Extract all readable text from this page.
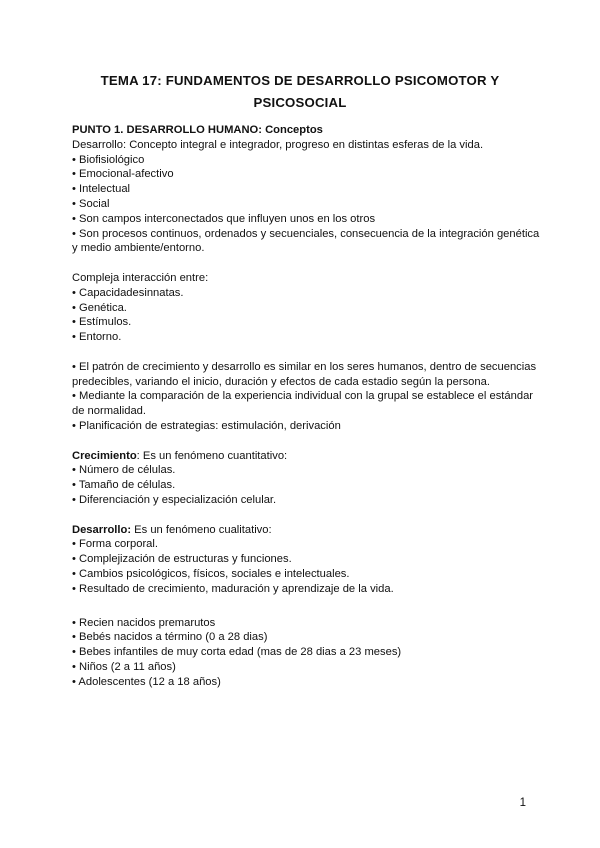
TEMA 17: FUNDAMENTOS DE DESARROLLO PSICOMOTOR Y PSICOSOCIAL

PUNTO 1. DESARROLLO HUMANO: Conceptos

Desarrollo: Concepto integral e integrador, progreso en distintas esferas de la vida.

• Biofisiológico

• Emocional-afectivo

• Intelectual

• Social

• Son campos interconectados que influyen unos en los otros

• Son procesos continuos, ordenados y secuenciales, consecuencia de la integración genética y medio ambiente/entorno.

Compleja interacción entre:

• Capacidadesinnatas.

• Genética.

• Estímulos.

• Entorno.

• El patrón de crecimiento y desarrollo es similar en los seres humanos, dentro de secuencias predecibles, variando el inicio, duración y efectos de cada estadio según la persona.

• Mediante la comparación de la experiencia individual con la grupal se establece el estándar de normalidad.

• Planificación de estrategias: estimulación, derivación

Crecimiento: Es un fenómeno cuantitativo:

• Número de células.

• Tamaño de células.

• Diferenciación y especialización celular.

Desarrollo: Es un fenómeno cualitativo:

• Forma corporal.

• Complejización de estructuras y funciones.

• Cambios psicológicos, físicos, sociales e intelectuales.

• Resultado de crecimiento, maduración y aprendizaje de la vida.

• Recien nacidos premarutos

• Bebés nacidos a término (0 a 28 dias)

• Bebes infantiles de muy corta edad (mas de 28 dias a 23 meses)

• Niños (2 a 11 años)

• Adolescentes (12 a 18 años)

1
